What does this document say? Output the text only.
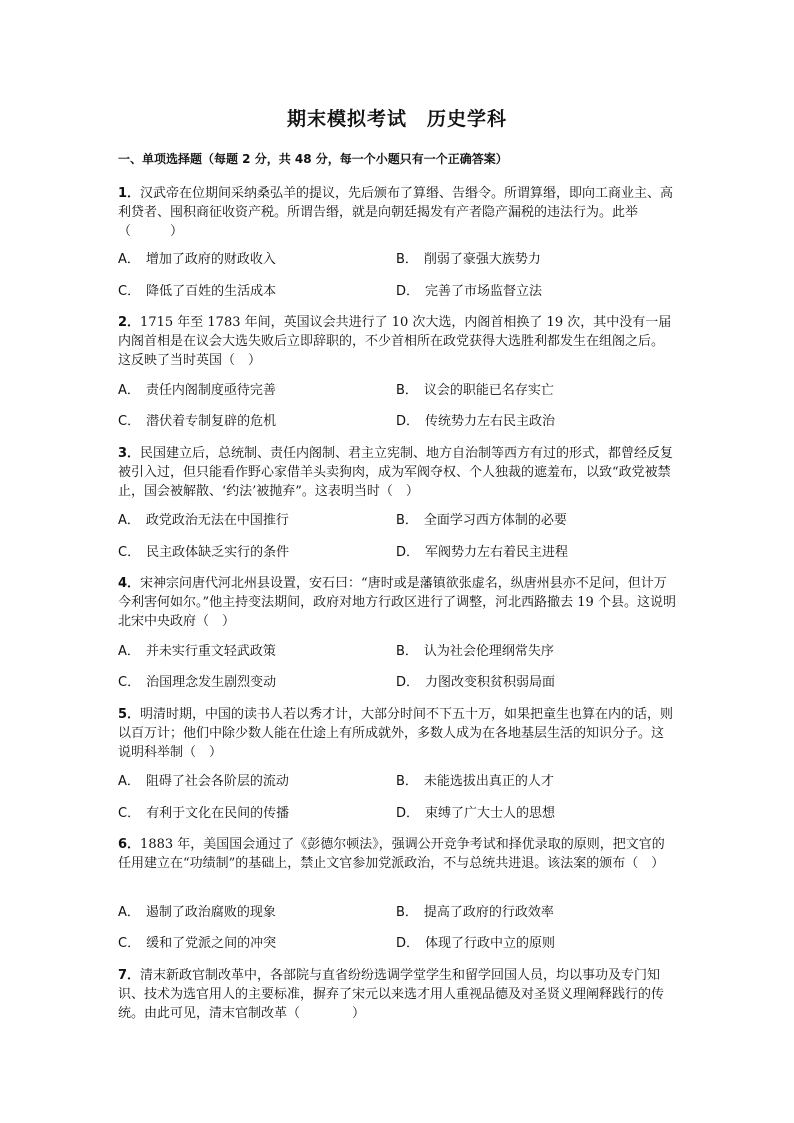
期末模拟考试　历史学科
一、单项选择题（每题 2 分，共 48 分，每一个小题只有一个正确答案）

1．汉武帝在位期间采纳桑弘羊的提议，先后颁布了算缗、告缗令。所谓算缗，即向工商业主、高利贷者、囤积商征收资产税。所谓告缗，就是向朝廷揭发有产者隐产漏税的违法行为。此举（　　　）

A． 增加了政府的财政收入	B． 削弱了豪强大族势力
C． 降低了百姓的生活成本	D． 完善了市场监督立法

2．1715 年至 1783 年间，英国议会共进行了 10 次大选，内阁首相换了 19 次，其中没有一届内阁首相是在议会大选失败后立即辞职的，不少首相所在政党获得大选胜利都发生在组阁之后。这反映了当时英国（　）

A． 责任内阁制度亟待完善	B． 议会的职能已名存实亡
C． 潜伏着专制复辟的危机	D． 传统势力左右民主政治

3．民国建立后，总统制、责任内阁制、君主立宪制、地方自治制等西方有过的形式，都曾经反复被引入过，但只能看作野心家借羊头卖狗肉，成为军阀夺权、个人独裁的遮羞布，以致“政党被禁止，国会被解散、‘约法’被抛弃”。这表明当时（　）

A． 政党政治无法在中国推行	B． 全面学习西方体制的必要
C． 民主政体缺乏实行的条件	D． 军阀势力左右着民主进程

4．宋神宗问唐代河北州县设置，安石曰：“唐时或是藩镇欲张虚名，纵唐州县亦不足问，但计万今利害何如尔。”他主持变法期间，政府对地方行政区进行了调整，河北西路撤去 19 个县。这说明北宋中央政府（　）

A． 并未实行重文轻武政策	B． 认为社会伦理纲常失序
C． 治国理念发生剧烈变动	D． 力图改变积贫积弱局面

5．明清时期，中国的读书人若以秀才计，大部分时间不下五十万，如果把童生也算在内的话，则以百万计；他们中除少数人能在仕途上有所成就外，多数人成为在各地基层生活的知识分子。这说明科举制（　）

A． 阻碍了社会各阶层的流动	B． 未能选拔出真正的人才
C． 有利于文化在民间的传播	D． 束缚了广大士人的思想

6．1883 年，美国国会通过了《彭德尔顿法》，强调公开竞争考试和择优录取的原则，把文官的任用建立在“功绩制”的基础上，禁止文官参加党派政治，不与总统共进退。该法案的颁布（　）

A． 遏制了政治腐败的现象	B． 提高了政府的行政效率
C． 缓和了党派之间的冲突	D． 体现了行政中立的原则

7．清末新政官制改革中，各部院与直省纷纷选调学堂学生和留学回国人员，均以事功及专门知识、技术为选官用人的主要标准，摒弃了宋元以来选才用人重视品德及对圣贤义理阐释践行的传统。由此可见，清末官制改革（　　　　）
